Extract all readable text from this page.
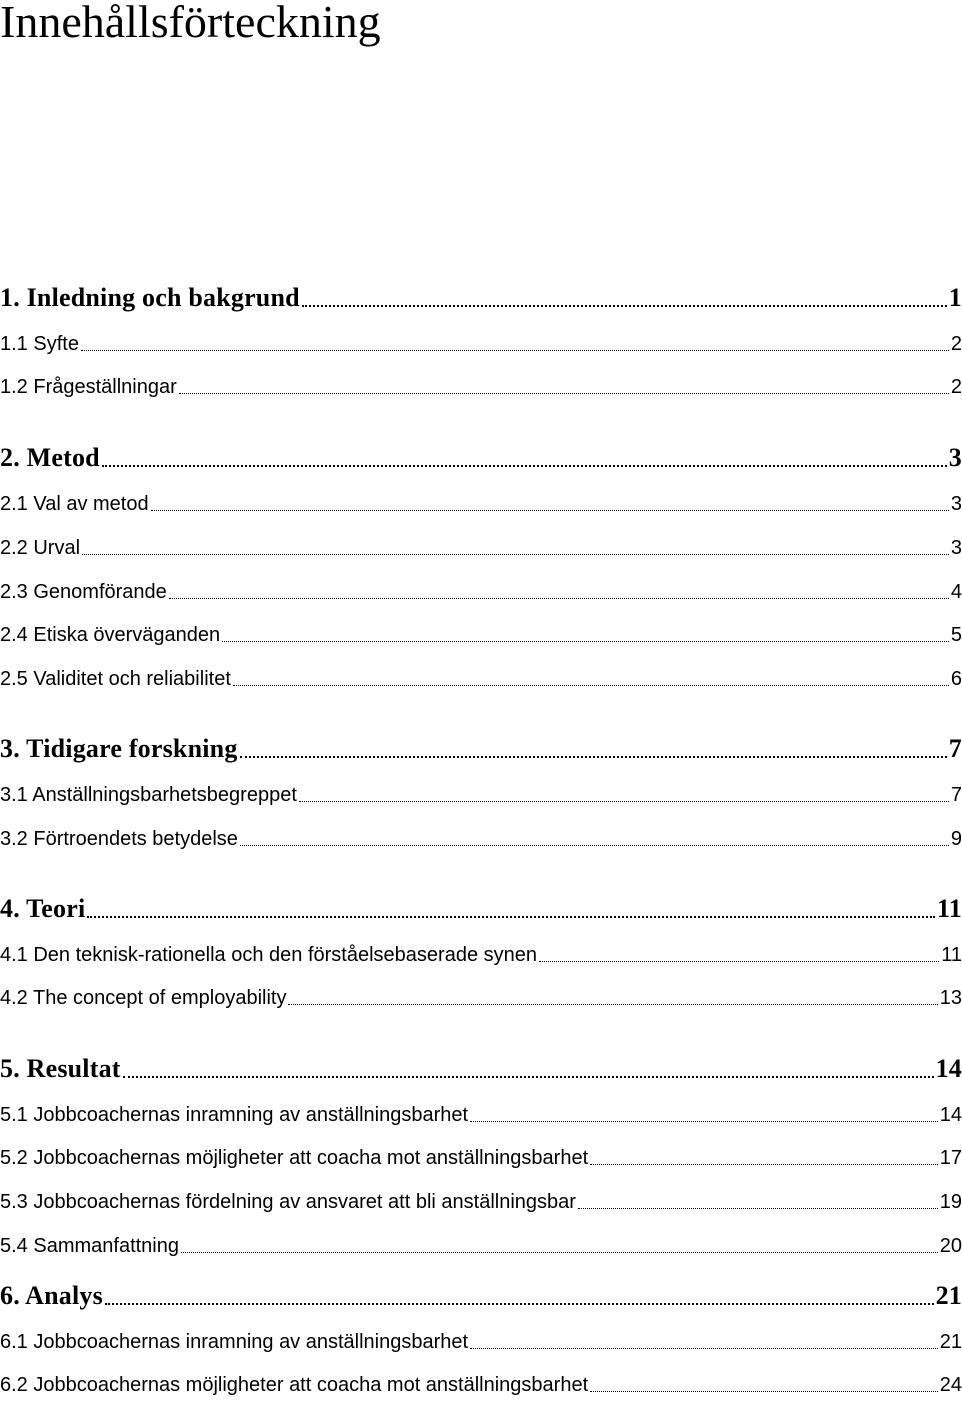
Innehållsförteckning
1. Inledning och bakgrund	1
1.1 Syfte	2
1.2 Frågeställningar	2
2. Metod	3
2.1 Val av metod	3
2.2 Urval	3
2.3 Genomförande	4
2.4 Etiska överväganden	5
2.5 Validitet och reliabilitet	6
3. Tidigare forskning	7
3.1 Anställningsbarhetsbegreppet	7
3.2 Förtroendets betydelse	9
4. Teori	11
4.1 Den teknisk-rationella och den förståelsebaserade synen	11
4.2 The concept of employability	13
5. Resultat	14
5.1 Jobbcoachernas inramning av anställningsbarhet	14
5.2 Jobbcoachernas möjligheter att coacha mot anställningsbarhet	17
5.3 Jobbcoachernas fördelning av ansvaret att bli anställningsbar	19
5.4 Sammanfattning	20
6. Analys	21
6.1 Jobbcoachernas inramning av anställningsbarhet	21
6.2 Jobbcoachernas möjligheter att coacha mot anställningsbarhet	24
